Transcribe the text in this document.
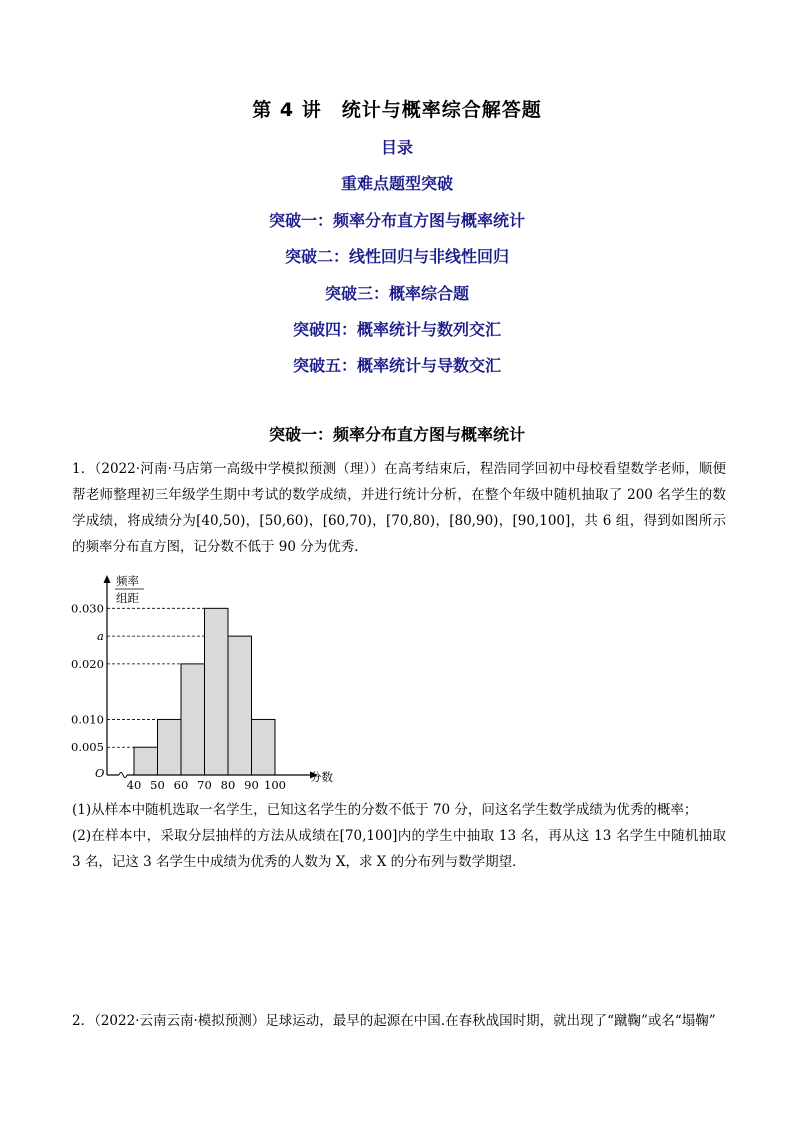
第 4 讲　统计与概率综合解答题
目录
重难点题型突破
突破一：频率分布直方图与概率统计
突破二：线性回归与非线性回归
突破三：概率综合题
突破四：概率统计与数列交汇
突破五：概率统计与导数交汇
突破一：频率分布直方图与概率统计
1．（2022·河南·马店第一高级中学模拟预测（理））在高考结束后，程浩同学回初中母校看望数学老师，顺便帮老师整理初三年级学生期中考试的数学成绩，并进行统计分析，在整个年级中随机抽取了 200 名学生的数学成绩，将成绩分为[40,50)，[50,60)，[60,70)，[70,80)，[80,90)，[90,100]，共 6 组，得到如图所示的频率分布直方图，记分数不低于 90 分为优秀．
O
频率
组距
分数
0.005
0.010
0.020
a
0.030
40 50 60 70 80 90 100
(1)从样本中随机选取一名学生，已知这名学生的分数不低于 70 分，问这名学生数学成绩为优秀的概率；
(2)在样本中，采取分层抽样的方法从成绩在[70,100]内的学生中抽取 13 名，再从这 13 名学生中随机抽取 3 名，记这 3 名学生中成绩为优秀的人数为 X，求 X 的分布列与数学期望．
2．（2022·云南云南·模拟预测）足球运动，最早的起源在中国.在春秋战国时期，就出现了“蹴鞠”或名“塌鞠”
